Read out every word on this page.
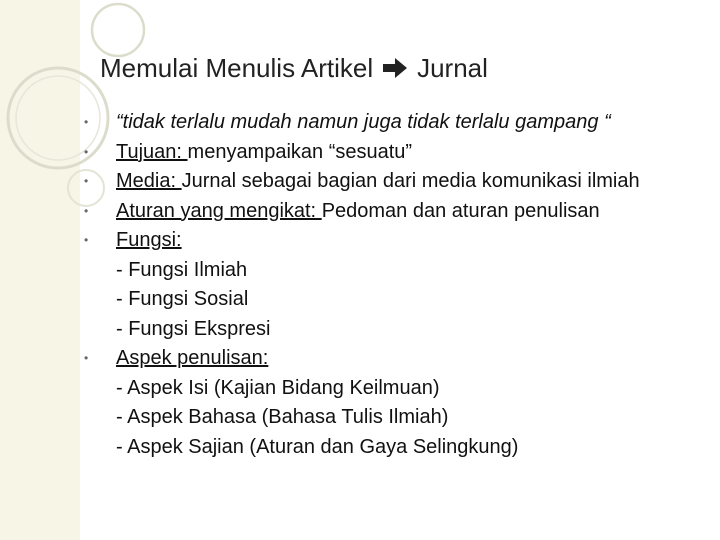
Memulai Menulis Artikel Jurnal
• “tidak terlalu mudah namun juga tidak terlalu gampang “
• Tujuan: menyampaikan “sesuatu”
• Media: Jurnal sebagai bagian dari media komunikasi ilmiah
• Aturan yang mengikat: Pedoman dan aturan penulisan
• Fungsi:
- Fungsi Ilmiah
- Fungsi Sosial
- Fungsi Ekspresi
• Aspek penulisan:
- Aspek Isi (Kajian Bidang Keilmuan)
- Aspek Bahasa (Bahasa Tulis Ilmiah)
- Aspek Sajian (Aturan dan Gaya Selingkung)
